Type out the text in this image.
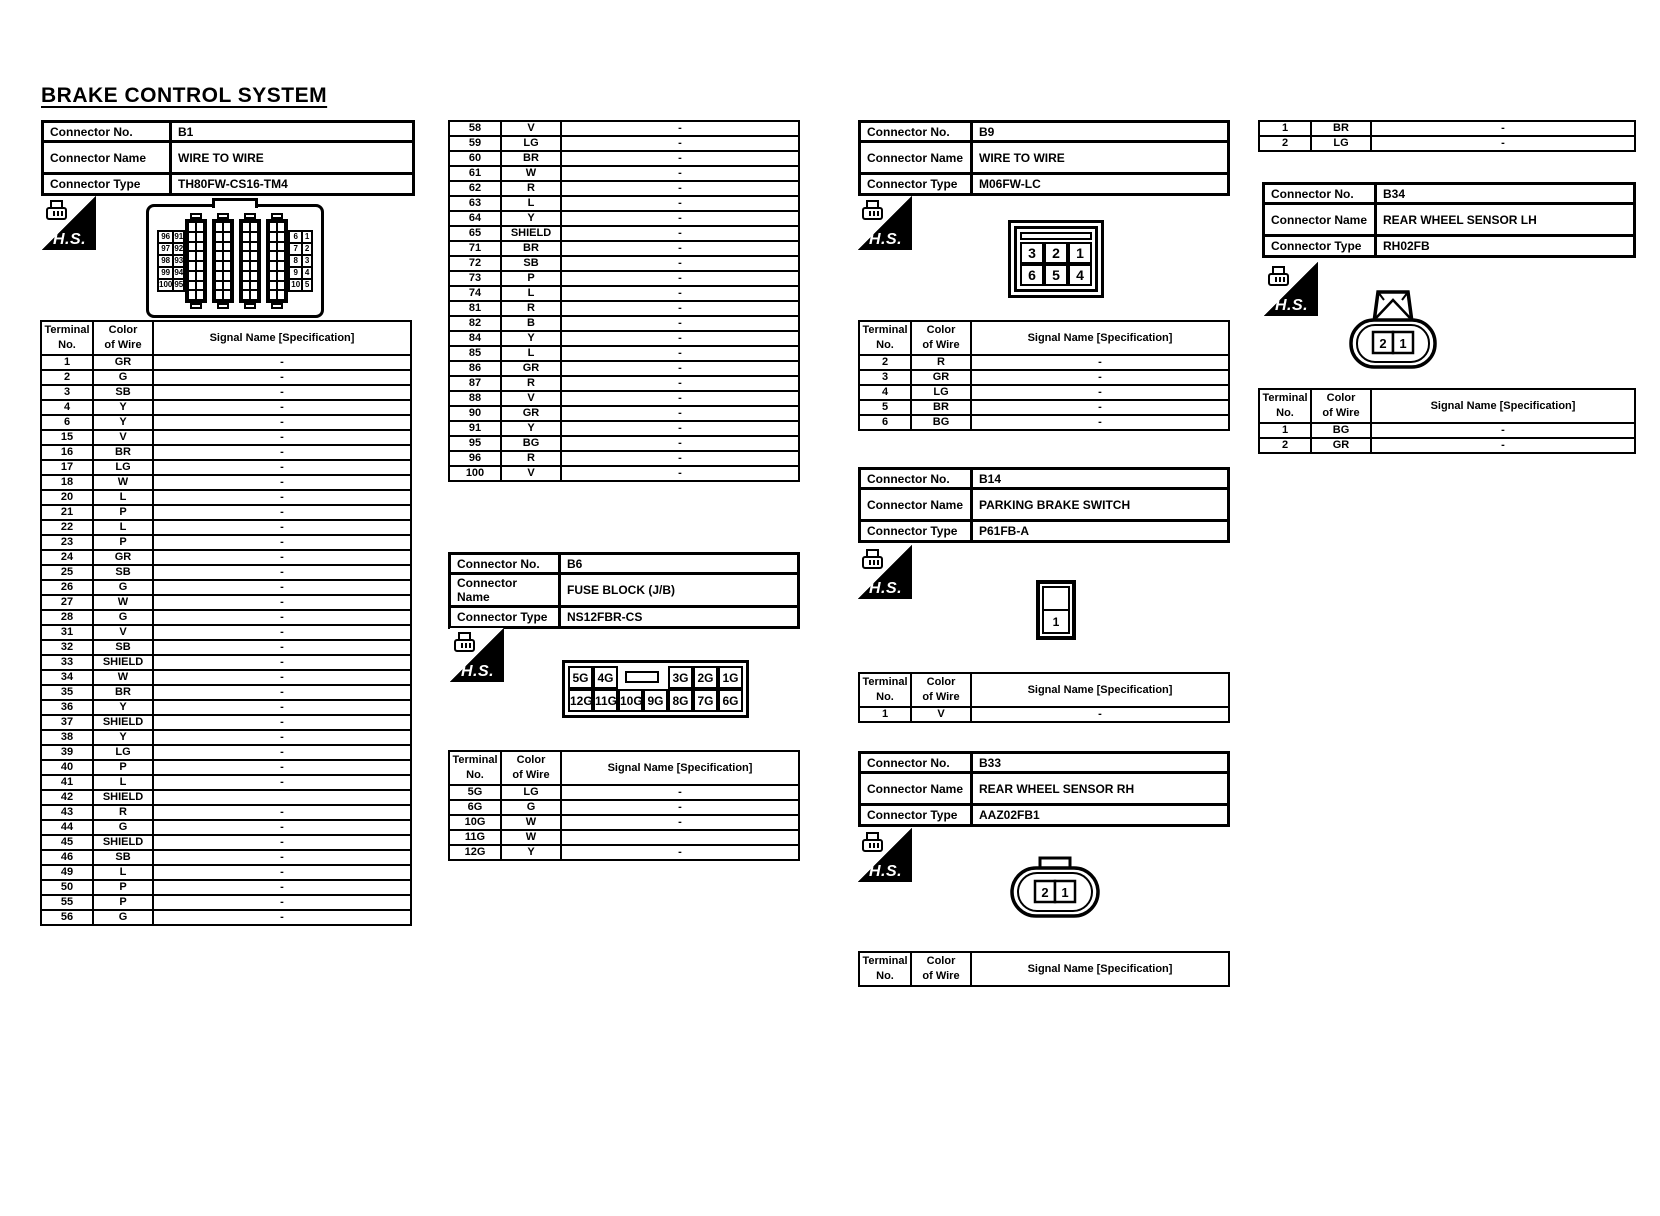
BRAKE CONTROL SYSTEM
Connector No.	B1
Connector Name	WIRE TO WIRE
Connector Type	TH80FW-CS16-TM4
H.S.	96	91
97	92
98	93
99	94
100	95
6	1
7	2
8	3
9	4
10	5
Terminal
No.	Color
of Wire	Signal Name [Specification]
1	GR	-
2	G	-
3	SB	-
4	Y	-
6	Y	-
15	V	-
16	BR	-
17	LG	-
18	W	-
20	L	-
21	P	-
22	L	-
23	P	-
24	GR	-
25	SB	-
26	G	-
27	W	-
28	G	-
31	V	-
32	SB	-
33	SHIELD	-
34	W	-
35	BR	-
36	Y	-
37	SHIELD	-
38	Y	-
39	LG	-
40	P	-
41	L	-
42	SHIELD	
43	R	-
44	G	-
45	SHIELD	-
46	SB	-
49	L	-
50	P	-
55	P	-
56	G	-
58	V	-
59	LG	-
60	BR	-
61	W	-
62	R	-
63	L	-
64	Y	-
65	SHIELD	-
71	BR	-
72	SB	-
73	P	-
74	L	-
81	R	-
82	B	-
84	Y	-
85	L	-
86	GR	-
87	R	-
88	V	-
90	GR	-
91	Y	-
95	BG	-
96	R	-
100	V	-
Connector No.	B6
Connector Name	FUSE BLOCK (J/B)
Connector Type	NS12FBR-CS
H.S.	5G 4G	3G 2G 1G
12G 11G 10G 9G 8G 7G 6G
Terminal
No.	Color
of Wire	Signal Name [Specification]
5G	LG	-
6G	G	-
10G	W	-
11G	W	
12G	Y	-
Connector No.	B9
Connector Name	WIRE TO WIRE
Connector Type	M06FW-LC
H.S.
3	2	1
6	5	4
Terminal
No.	Color
of Wire	Signal Name [Specification]
2	R	-
3	GR	-
4	LG	-
5	BR	-
6	BG	-
Connector No.	B14
Connector Name	PARKING BRAKE SWITCH
Connector Type	P61FB-A
H.S.
1
Terminal
No.	Color
of Wire	Signal Name [Specification]
1	V	-
Connector No.	B33
Connector Name	REAR WHEEL SENSOR RH
Connector Type	AAZ02FB1
H.S.
2 1
Terminal
No.	Color
of Wire	Signal Name [Specification]
1	BR	-
2	LG	-
Connector No.	B34
Connector Name	REAR WHEEL SENSOR LH
Connector Type	RH02FB
H.S.
2 1
Terminal
No.	Color
of Wire	Signal Name [Specification]
1	BG	-
2	GR	-
